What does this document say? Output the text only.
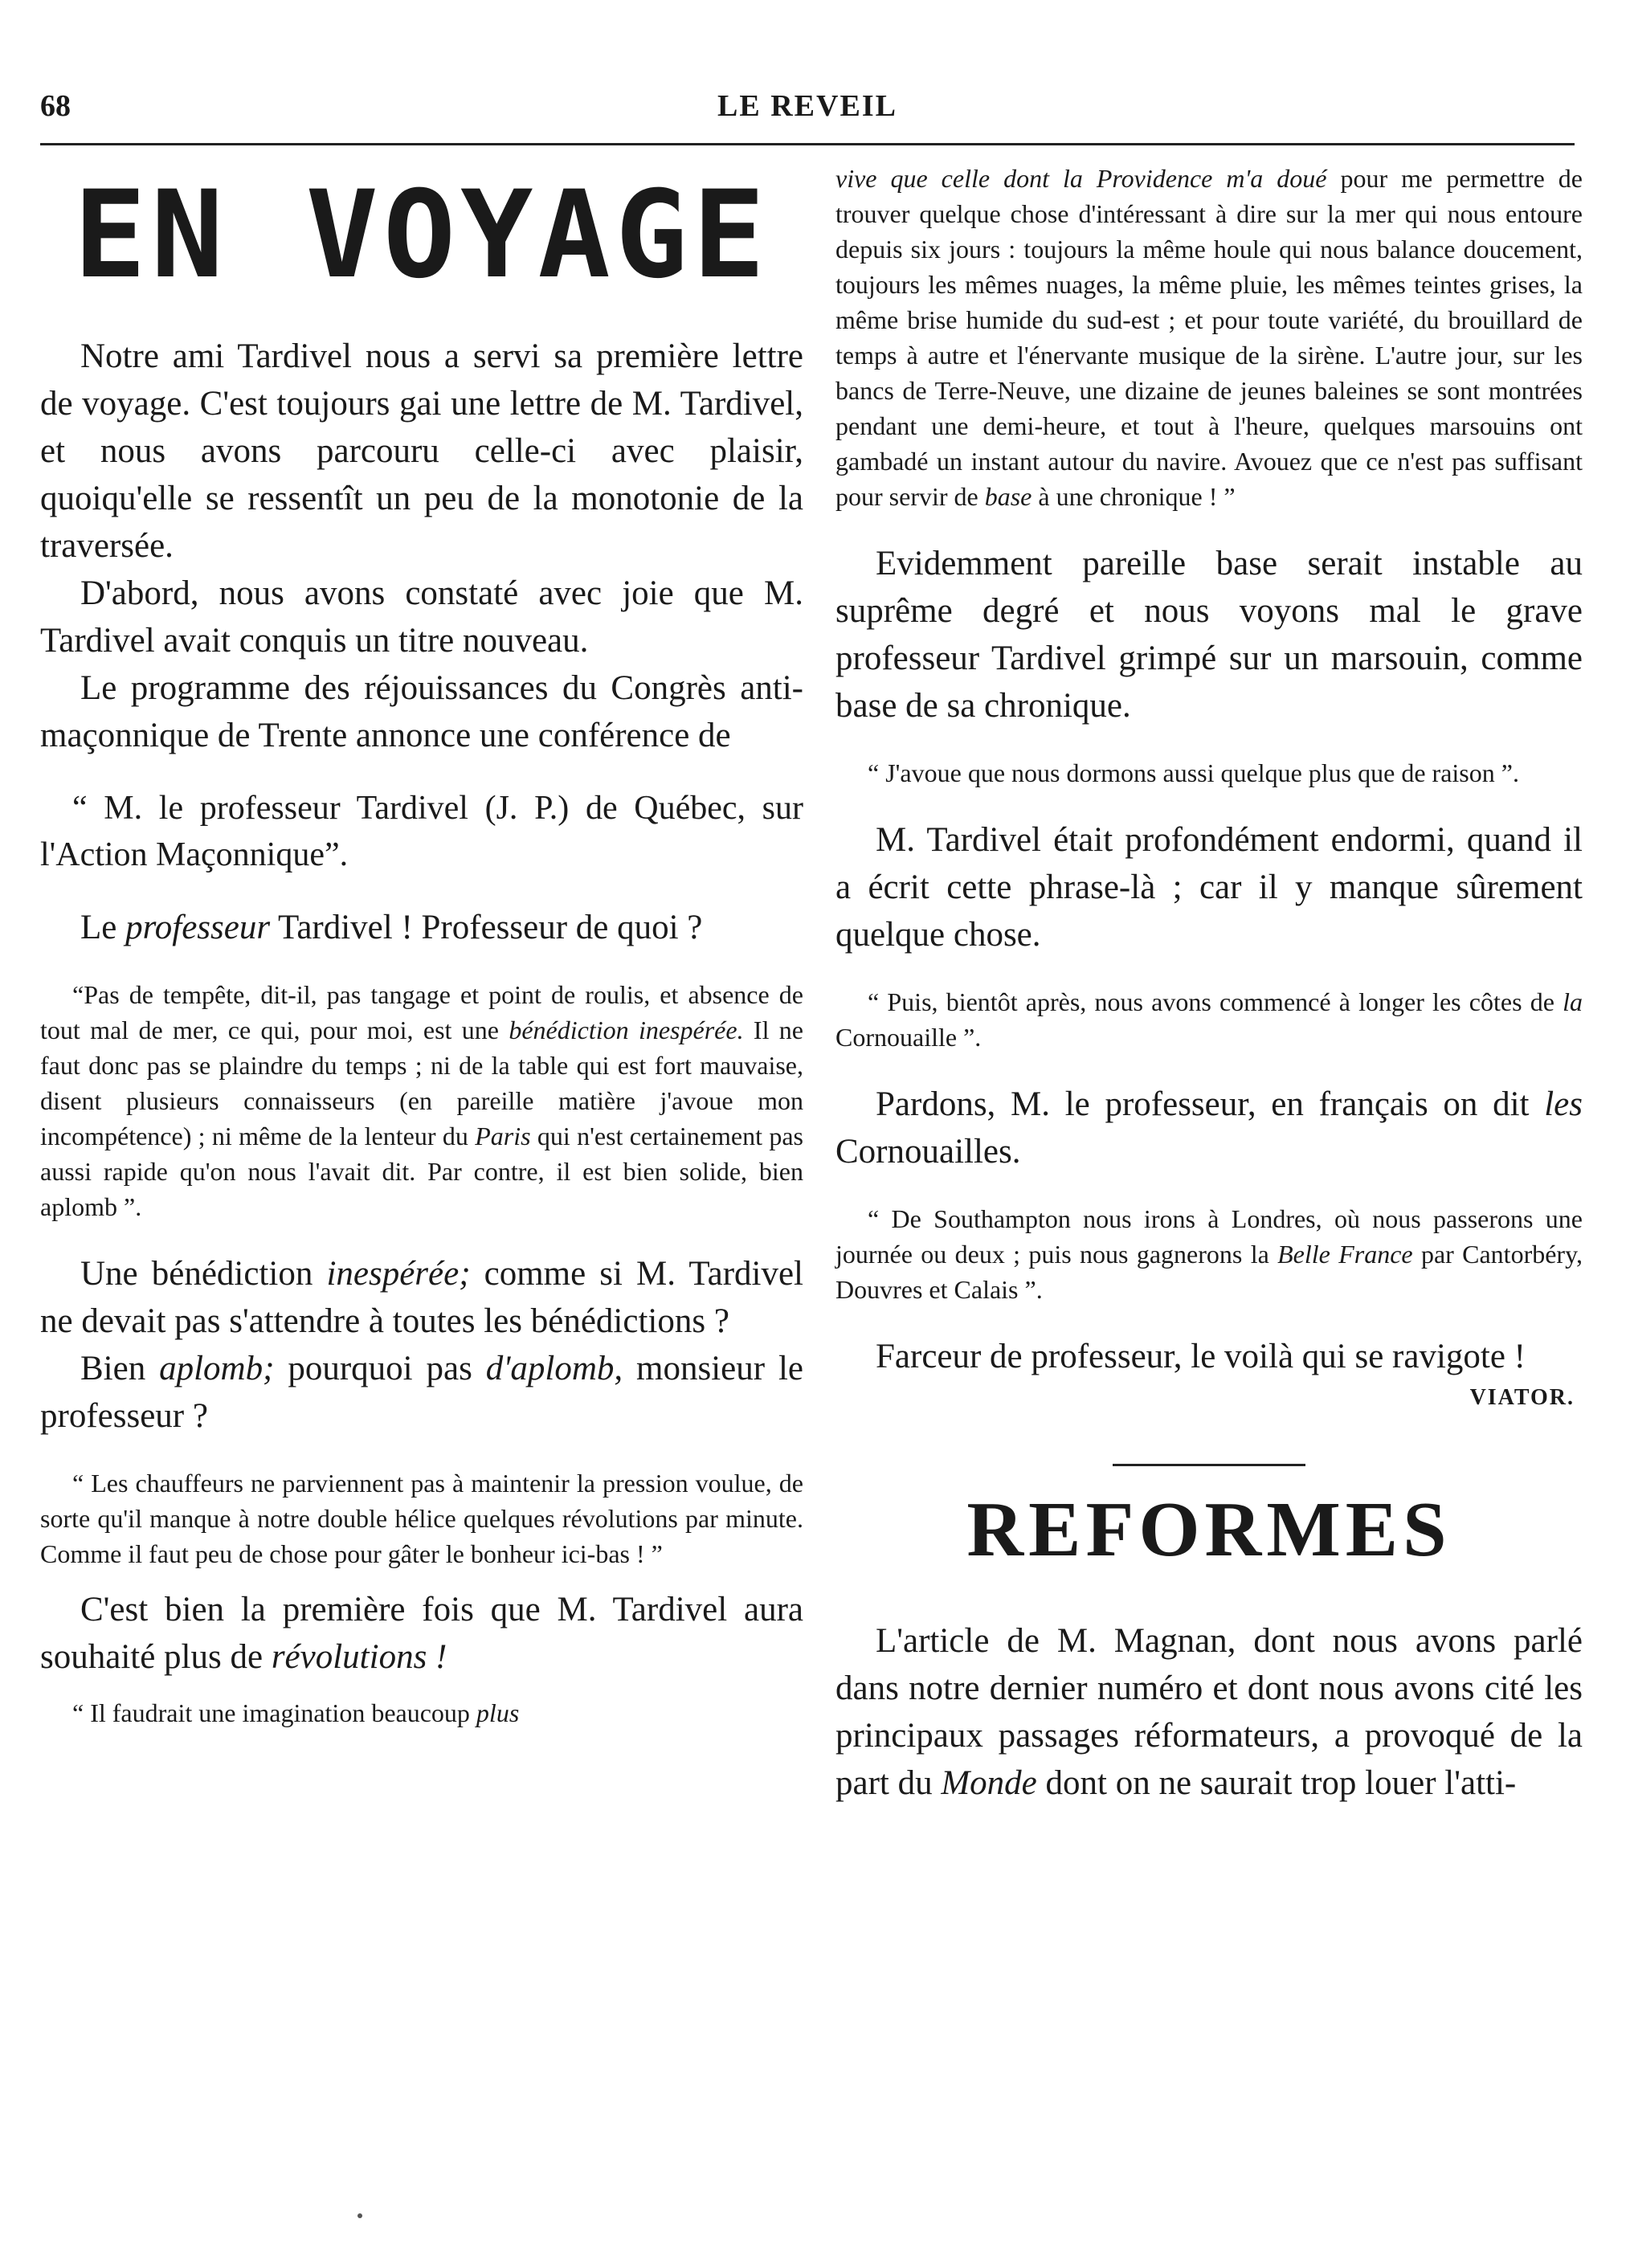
68	LE REVEIL
EN VOYAGE

Notre ami Tardivel nous a servi sa première lettre de voyage. C'est toujours gai une lettre de M. Tardivel, et nous avons parcouru celle-ci avec plaisir, quoiqu'elle se ressentît un peu de la monotonie de la traversée.

D'abord, nous avons constaté avec joie que M. Tardivel avait conquis un titre nouveau.

Le programme des réjouissances du Congrès anti-maçonnique de Trente annonce une conférence de

“ M. le professeur Tardivel (J. P.) de Québec, sur l'Action Maçonnique”.

Le professeur Tardivel ! Professeur de quoi ?

“Pas de tempête, dit-il, pas tangage et point de roulis, et absence de tout mal de mer, ce qui, pour moi, est une bénédiction inespérée. Il ne faut donc pas se plaindre du temps ; ni de la table qui est fort mauvaise, disent plusieurs connaisseurs (en pareille matière j'avoue mon incompétence) ; ni même de la lenteur du Paris qui n'est certainement pas aussi rapide qu'on nous l'avait dit. Par contre, il est bien solide, bien aplomb ”.

Une bénédiction inespérée; comme si M. Tardivel ne devait pas s'attendre à toutes les bénédictions ?

Bien aplomb; pourquoi pas d'aplomb, monsieur le professeur ?

“ Les chauffeurs ne parviennent pas à maintenir la pression voulue, de sorte qu'il manque à notre double hélice quelques révolutions par minute. Comme il faut peu de chose pour gâter le bonheur ici-bas ! ”

C'est bien la première fois que M. Tardivel aura souhaité plus de révolutions !

“ Il faudrait une imagination beaucoup plus

vive que celle dont la Providence m'a doué pour me permettre de trouver quelque chose d'intéressant à dire sur la mer qui nous entoure depuis six jours : toujours la même houle qui nous balance doucement, toujours les mêmes nuages, la même pluie, les mêmes teintes grises, la même brise humide du sud-est ; et pour toute variété, du brouillard de temps à autre et l'énervante musique de la sirène. L'autre jour, sur les bancs de Terre-Neuve, une dizaine de jeunes baleines se sont montrées pendant une demi-heure, et tout à l'heure, quelques marsouins ont gambadé un instant autour du navire. Avouez que ce n'est pas suffisant pour servir de base à une chronique ! ”

Evidemment pareille base serait instable au suprême degré et nous voyons mal le grave professeur Tardivel grimpé sur un marsouin, comme base de sa chronique.

“ J'avoue que nous dormons aussi quelque plus que de raison ”.

M. Tardivel était profondément endormi, quand il a écrit cette phrase-là ; car il y manque sûrement quelque chose.

“ Puis, bientôt après, nous avons commencé à longer les côtes de la Cornouaille ”.

Pardons, M. le professeur, en français on dit les Cornouailles.

“ De Southampton nous irons à Londres, où nous passerons une journée ou deux ; puis nous gagnerons la Belle France par Cantorbéry, Douvres et Calais ”.

Farceur de professeur, le voilà qui se ravigote !

VIATOR.
REFORMES

L'article de M. Magnan, dont nous avons parlé dans notre dernier numéro et dont nous avons cité les principaux passages réformateurs, a provoqué de la part du Monde dont on ne saurait trop louer l'atti-
